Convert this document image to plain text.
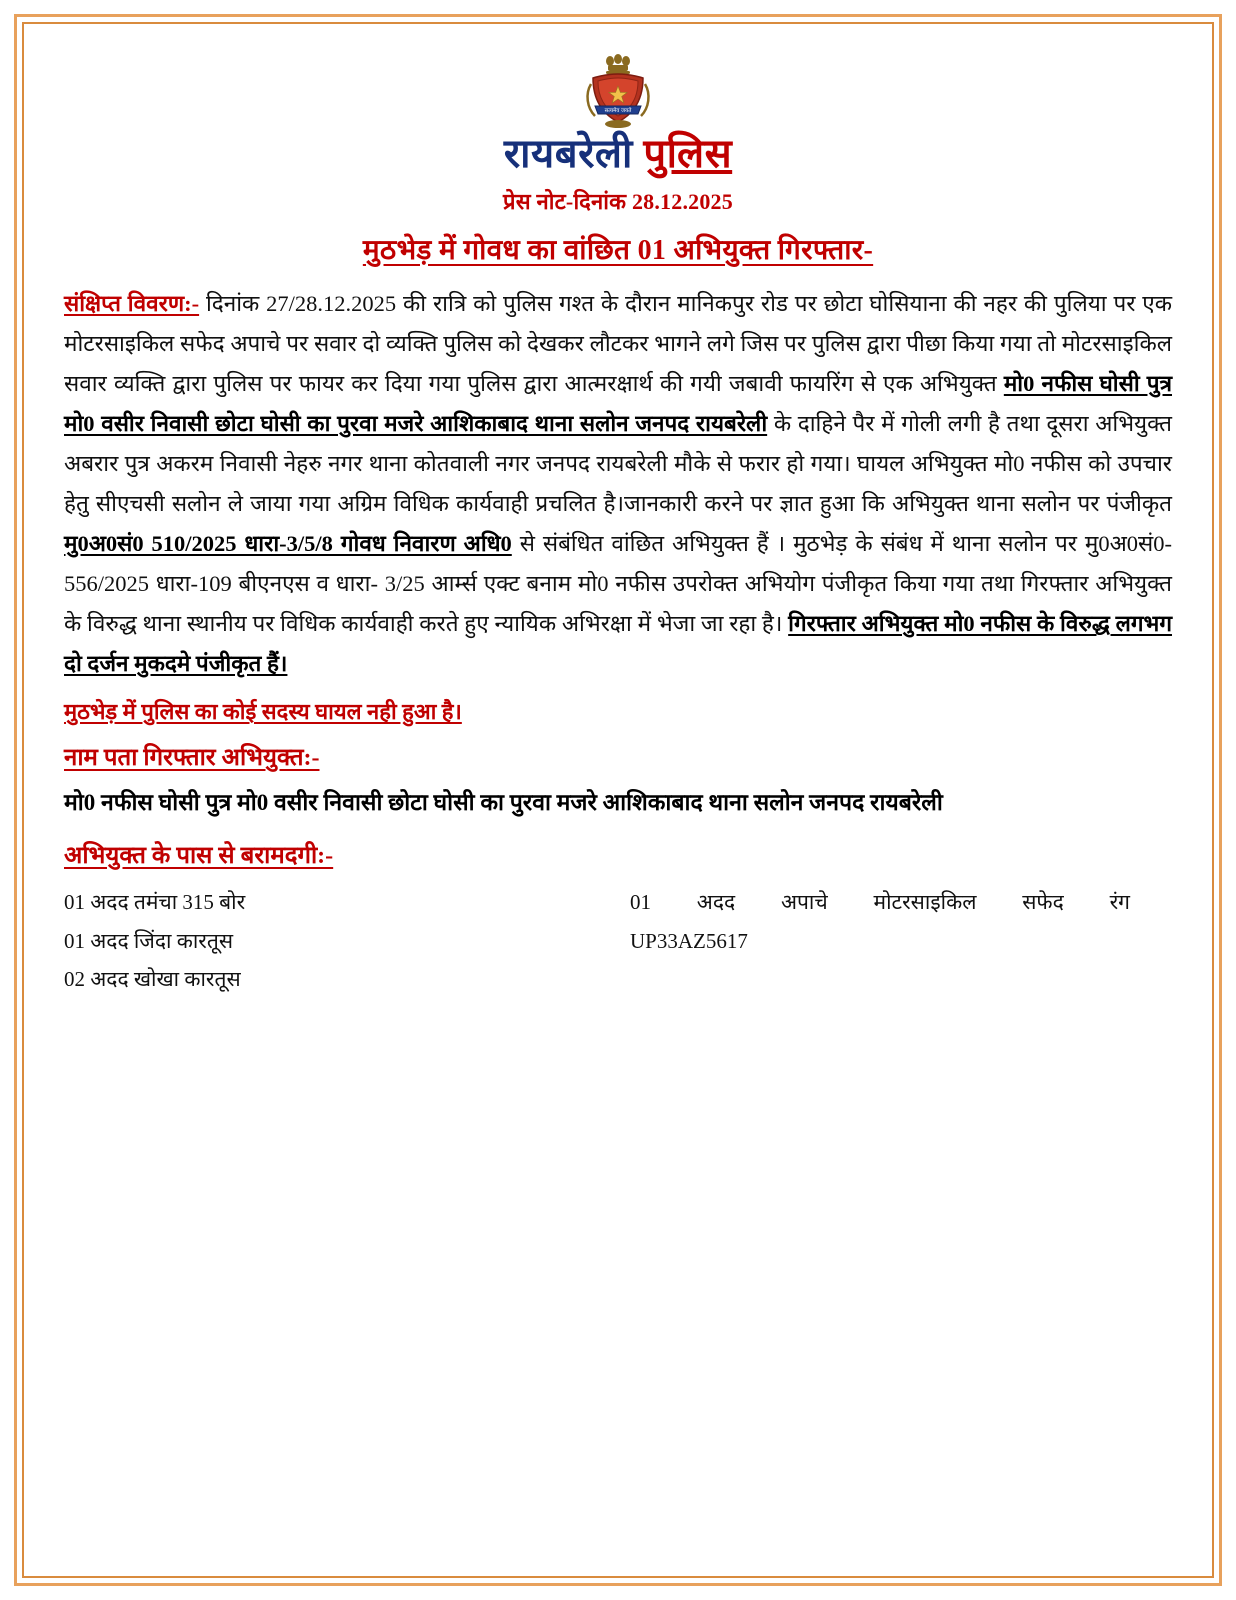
सत्यमेव जयते
रायबरेली पुलिस
प्रेस नोट-दिनांक 28.12.2025
मुठभेड़ में गोवध का वांछित 01 अभियुक्त गिरफ्तार-
संक्षिप्त विवरण:- दिनांक 27/28.12.2025 की रात्रि को पुलिस गश्त के दौरान मानिकपुर रोड पर छोटा घोसियाना की नहर की पुलिया पर एक मोटरसाइकिल सफेद अपाचे पर सवार दो व्यक्ति पुलिस को देखकर लौटकर भागने लगे जिस पर पुलिस द्वारा पीछा किया गया तो मोटरसाइकिल सवार व्यक्ति द्वारा पुलिस पर फायर कर दिया गया पुलिस द्वारा आत्मरक्षार्थ की गयी जबावी फायरिंग से एक अभियुक्त मो0 नफीस घोसी पुत्र मो0 वसीर निवासी छोटा घोसी का पुरवा मजरे आशिकाबाद थाना सलोन जनपद रायबरेली के दाहिने पैर में गोली लगी है तथा दूसरा अभियुक्त अबरार पुत्र अकरम निवासी नेहरु नगर थाना कोतवाली नगर जनपद रायबरेली मौके से फरार हो गया। घायल अभियुक्त मो0 नफीस को उपचार हेतु सीएचसी सलोन ले जाया गया अग्रिम विधिक कार्यवाही प्रचलित है।जानकारी करने पर ज्ञात हुआ कि अभियुक्त थाना सलोन पर पंजीकृत मु0अ0सं0 510/2025 धारा-3/5/8 गोवध निवारण अधि0 से संबंधित वांछित अभियुक्त हैं । मुठभेड़ के संबंध में थाना सलोन पर मु0अ0सं0- 556/2025 धारा-109 बीएनएस व धारा- 3/25 आर्म्स एक्ट बनाम मो0 नफीस उपरोक्त अभियोग पंजीकृत किया गया तथा गिरफ्तार अभियुक्त के विरुद्ध थाना स्थानीय पर विधिक कार्यवाही करते हुए न्यायिक अभिरक्षा में भेजा जा रहा है। गिरफ्तार अभियुक्त मो0 नफीस के विरुद्ध लगभग दो दर्जन मुकदमे पंजीकृत हैं।
मुठभेड़ में पुलिस का कोई सदस्य घायल नही हुआ है।
नाम पता गिरफ्तार अभियुक्त:-
मो0 नफीस घोसी पुत्र मो0 वसीर निवासी छोटा घोसी का पुरवा मजरे आशिकाबाद थाना सलोन जनपद रायबरेली
अभियुक्त के पास से बरामदगी:-
01 अदद तमंचा 315 बोर
01 अदद जिंदा कारतूस
02 अदद खोखा कारतूस
01 अदद अपाचे मोटरसाइकिल सफेद रंग
UP33AZ5617
